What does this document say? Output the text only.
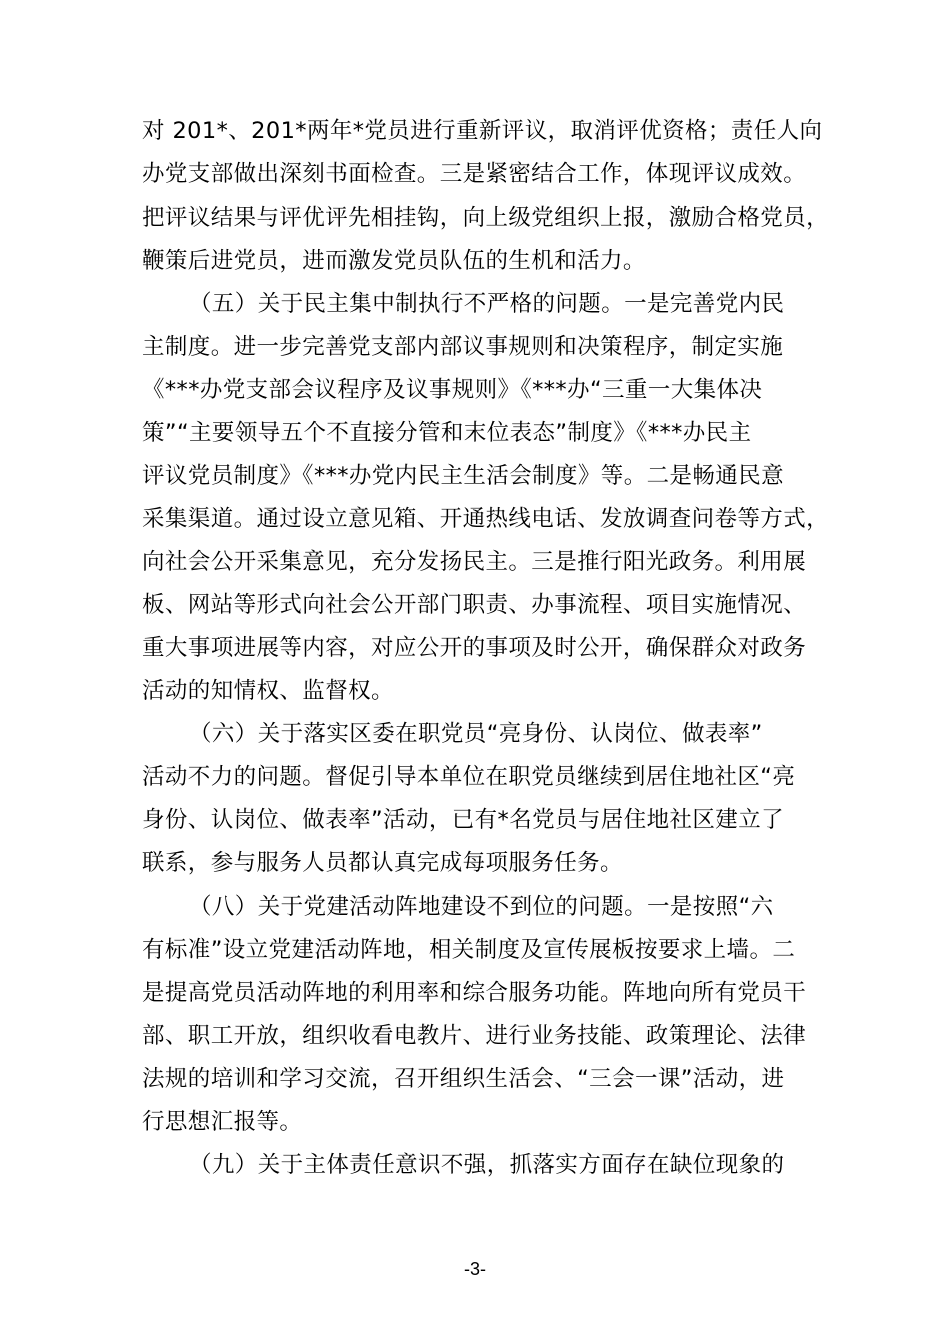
对 201*、201*两年*党员进行重新评议，取消评优资格；责任人向
办党支部做出深刻书面检查。三是紧密结合工作，体现评议成效。
把评议结果与评优评先相挂钩，向上级党组织上报，激励合格党员，
鞭策后进党员，进而激发党员队伍的生机和活力。
（五）关于民主集中制执行不严格的问题。一是完善党内民
主制度。进一步完善党支部内部议事规则和决策程序，制定实施
《***办党支部会议程序及议事规则》《***办“三重一大集体决
策”“主要领导五个不直接分管和末位表态”制度》《***办民主
评议党员制度》《***办党内民主生活会制度》等。二是畅通民意
采集渠道。通过设立意见箱、开通热线电话、发放调查问卷等方式，
向社会公开采集意见，充分发扬民主。三是推行阳光政务。利用展
板、网站等形式向社会公开部门职责、办事流程、项目实施情况、
重大事项进展等内容，对应公开的事项及时公开，确保群众对政务
活动的知情权、监督权。
（六）关于落实区委在职党员“亮身份、认岗位、做表率”
活动不力的问题。督促引导本单位在职党员继续到居住地社区“亮
身份、认岗位、做表率”活动，已有*名党员与居住地社区建立了
联系，参与服务人员都认真完成每项服务任务。
（八）关于党建活动阵地建设不到位的问题。一是按照“六
有标准”设立党建活动阵地，相关制度及宣传展板按要求上墙。二
是提高党员活动阵地的利用率和综合服务功能。阵地向所有党员干
部、职工开放，组织收看电教片、进行业务技能、政策理论、法律
法规的培训和学习交流，召开组织生活会、“三会一课”活动，进
行思想汇报等。
（九）关于主体责任意识不强，抓落实方面存在缺位现象的
-3-
